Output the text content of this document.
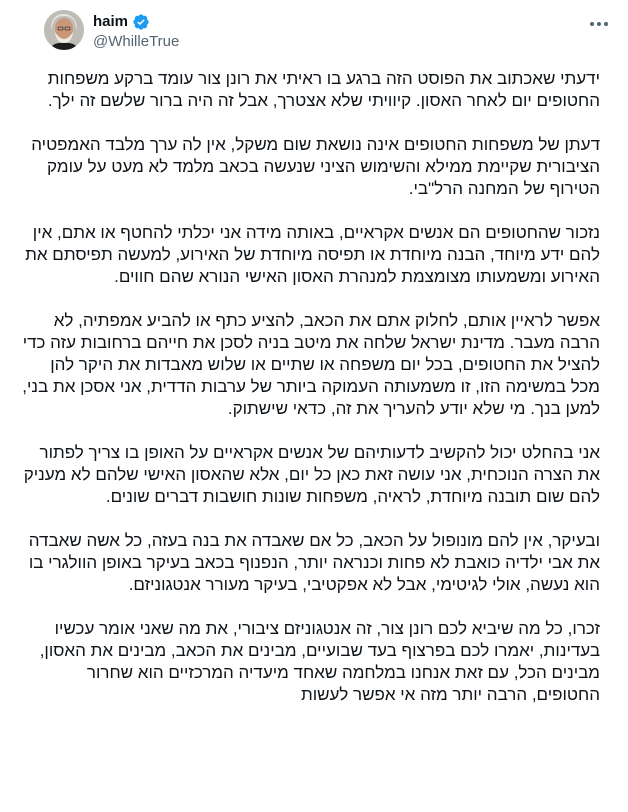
haim
@WhilleTrue

ידעתי שאכתוב את הפוסט הזה ברגע בו ראיתי את רונן צור עומד ברקע משפחות החטופים יום לאחר האסון. קיוויתי שלא אצטרך, אבל זה היה ברור שלשם זה ילך.

דעתן של משפחות החטופים אינה נושאת שום משקל, אין לה ערך מלבד האמפטיה הציבורית שקיימת ממילא והשימוש הציני שנעשה בכאב מלמד לא מעט על עומק הטירוף של המחנה הרל"בי.

נזכור שהחטופים הם אנשים אקראיים, באותה מידה אני יכלתי להחטף או אתם, אין להם ידע מיוחד, הבנה מיוחדת או תפיסה מיוחדת של האירוע, למעשה תפיסתם את האירוע ומשמעותו מצומצמת למנהרת האסון האישי הנורא שהם חווים.

אפשר לראיין אותם, לחלוק אתם את הכאב, להציע כתף או להביע אמפתיה, לא הרבה מעבר. מדינת ישראל שלחה את מיטב בניה לסכן את חייהם ברחובות עזה כדי להציל את החטופים, בכל יום משפחה או שתיים או שלוש מאבדות את היקר להן מכל במשימה הזו, זו משמעותה העמוקה ביותר של ערבות הדדית, אני אסכן את בני, למען בנך. מי שלא יודע להעריך את זה, כדאי שישתוק.

אני בהחלט יכול להקשיב לדעותיהם של אנשים אקראיים על האופן בו צריך לפתור את הצרה הנוכחית, אני עושה זאת כאן כל יום, אלא שהאסון האישי שלהם לא מעניק להם שום תובנה מיוחדת, לראיה, משפחות שונות חושבות דברים שונים.

ובעיקר, אין להם מונופול על הכאב, כל אם שאבדה את בנה בעזה, כל אשה שאבדה את אבי ילדיה כואבת לא פחות וכנראה יותר, הנפנוף בכאב בעיקר באופן הוולגרי בו הוא נעשה, אולי לגיטימי, אבל לא אפקטיבי, בעיקר מעורר אנטגוניזם.

זכרו, כל מה שיביא לכם רונן צור, זה אנטגוניזם ציבורי, את מה שאני אומר עכשיו בעדינות, יאמרו לכם בפרצוף בעד שבועיים, מבינים את הכאב, מבינים את האסון, מבינים הכל, עם זאת אנחנו במלחמה שאחד מיעדיה המרכזיים הוא שחרור החטופים, הרבה יותר מזה אי אפשר לעשות
